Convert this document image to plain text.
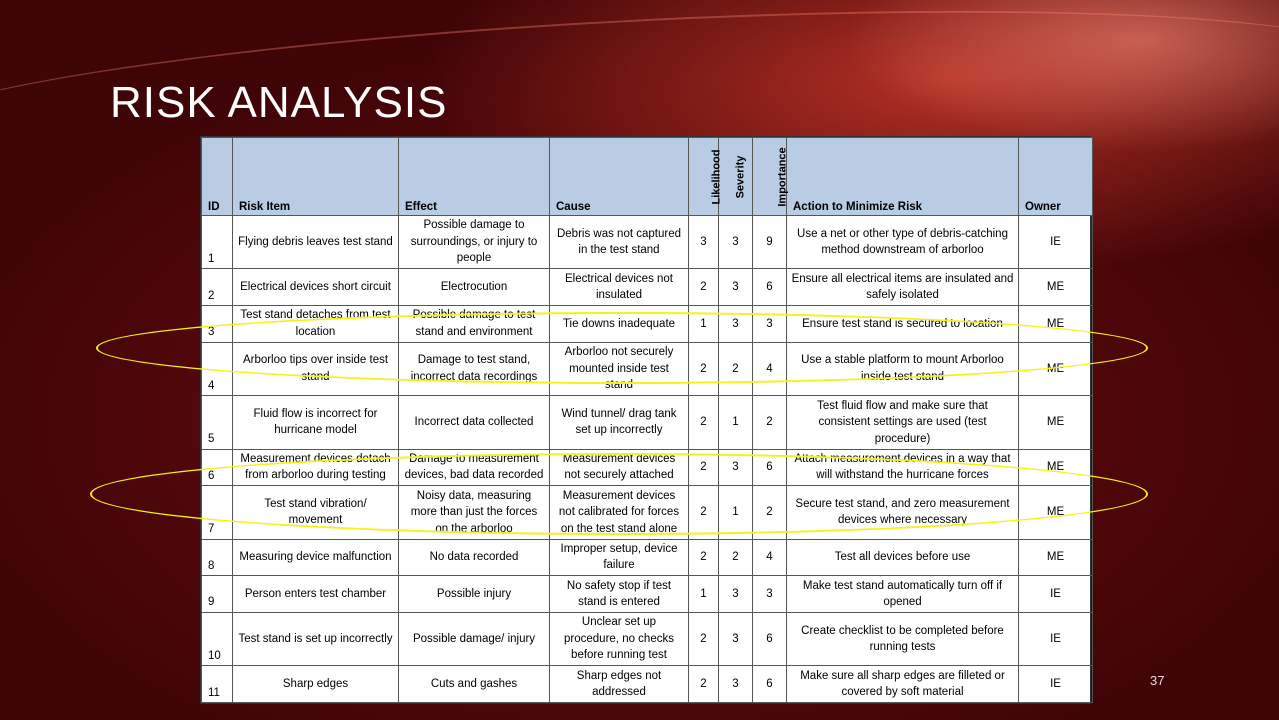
RISK ANALYSIS
ID	Risk Item	Effect	Cause	Likelihood	Severity	Importance	Action to Minimize Risk	Owner
1	Flying debris leaves test stand	Possible damage to surroundings, or injury to people	Debris was not captured in the test stand	3	3	9	Use a net or other type of debris-catching method downstream of arborloo	IE
2	Electrical devices short circuit	Electrocution	Electrical devices not insulated	2	3	6	Ensure all electrical items are insulated and safely isolated	ME
3	Test stand detaches from test location	Possible damage to test stand and environment	Tie downs inadequate	1	3	3	Ensure test stand is secured to location	ME
4	Arborloo tips over inside test stand	Damage to test stand, incorrect data recordings	Arborloo not securely mounted inside test stand	2	2	4	Use a stable platform to mount Arborloo inside test stand	ME
5	Fluid flow is incorrect for hurricane model	Incorrect data collected	Wind tunnel/ drag tank set up incorrectly	2	1	2	Test fluid flow and make sure that consistent settings are used (test procedure)	ME
6	Measurement devices detach from arborloo during testing	Damage to measurement devices, bad data recorded	Measurement devices not securely attached	2	3	6	Attach measurement devices in a way that will withstand the hurricane forces	ME
7	Test stand vibration/ movement	Noisy data, measuring more than just the forces on the arborloo	Measurement devices not calibrated for forces on the test stand alone	2	1	2	Secure test stand, and zero measurement devices where necessary	ME
8	Measuring device malfunction	No data recorded	Improper setup, device failure	2	2	4	Test all devices before use	ME
9	Person enters test chamber	Possible injury	No safety stop if test stand is entered	1	3	3	Make test stand automatically turn off if opened	IE
10	Test stand is set up incorrectly	Possible damage/ injury	Unclear set up procedure, no checks before running test	2	3	6	Create checklist to be completed before running tests	IE
11	Sharp edges	Cuts and gashes	Sharp edges not addressed	2	3	6	Make sure all sharp edges are filleted or covered by soft material	IE	37
